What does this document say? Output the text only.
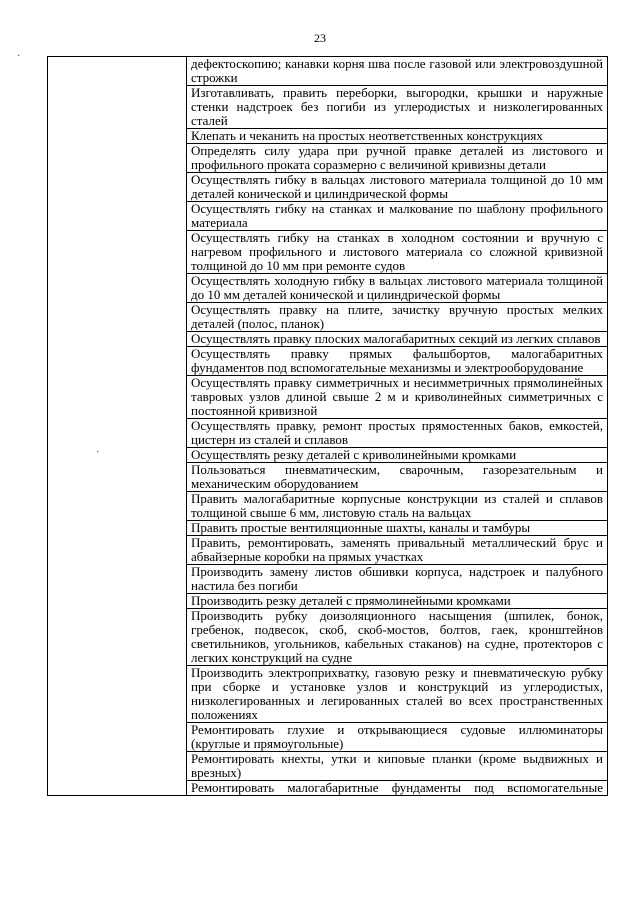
23
·
·

дефектоскопию; канавки корня шва после газовой или электровоздушной строжки

Изготавливать, править переборки, выгородки, крышки и наружные стенки надстроек без погиби из углеродистых и низколегированных сталей

Клепать и чеканить на простых неответственных конструкциях

Определять силу удара при ручной правке деталей из листового и профильного проката соразмерно с величиной кривизны детали

Осуществлять гибку в вальцах листового материала толщиной до 10 мм деталей конической и цилиндрической формы

Осуществлять гибку на станках и малкование по шаблону профильного материала

Осуществлять гибку на станках в холодном состоянии и вручную с нагревом профильного и листового материала со сложной кривизной толщиной до 10 мм при ремонте судов

Осуществлять холодную гибку в вальцах листового материала толщиной до 10 мм деталей конической и цилиндрической формы

Осуществлять правку на плите, зачистку вручную простых мелких деталей (полос, планок)

Осуществлять правку плоских малогабаритных секций из легких сплавов

Осуществлять правку прямых фальшбортов, малогабаритных фундаментов под вспомогательные механизмы и электрооборудование

Осуществлять правку симметричных и несимметричных прямолинейных тавровых узлов длиной свыше 2 м и криволинейных симметричных с постоянной кривизной

Осуществлять правку, ремонт простых прямостенных баков, емкостей, цистерн из сталей и сплавов

Осуществлять резку деталей с криволинейными кромками

Пользоваться пневматическим, сварочным, газорезательным и механическим оборудованием

Править малогабаритные корпусные конструкции из сталей и сплавов толщиной свыше 6 мм, листовую сталь на вальцах

Править простые вентиляционные шахты, каналы и тамбуры

Править, ремонтировать, заменять привальный металлический брус и абвайзерные коробки на прямых участках

Производить замену листов обшивки корпуса, надстроек и палубного настила без погиби

Производить резку деталей с прямолинейными кромками

Производить рубку доизоляционного насыщения (шпилек, бонок, гребенок, подвесок, скоб, скоб-мостов, болтов, гаек, кронштейнов светильников, угольников, кабельных стаканов) на судне, протекторов с легких конструкций на судне

Производить электроприхватку, газовую резку и пневматическую рубку при сборке и установке узлов и конструкций из углеродистых, низколегированных и легированных сталей во всех пространственных положениях

Ремонтировать глухие и открывающиеся судовые иллюминаторы (круглые и прямоугольные)

Ремонтировать кнехты, утки и киповые планки (кроме выдвижных и врезных)

Ремонтировать малогабаритные фундаменты под вспомогательные
